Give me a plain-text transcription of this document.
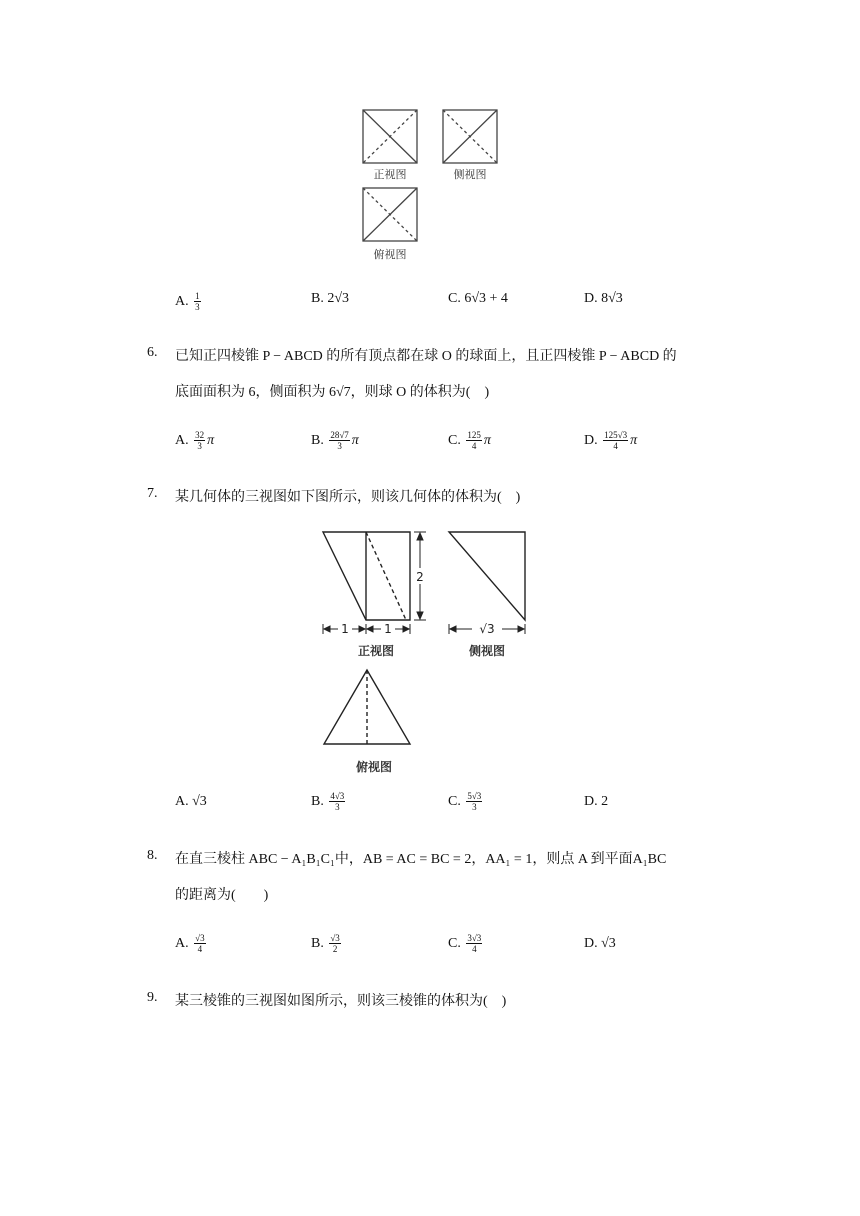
正视图	侧视图
俯视图
A.
$\frac{1}{3}$	B.
2√3	C.
6√3 + 4	D.
8√3
6. 已知正四棱锥 P − ABCD 的所有顶点都在球 O 的球面上，且正四棱锥 P − ABCD 的
底面面积为 6，侧面积为 6√7，则球 O 的体积为(　)
A.
$\frac{32}{3}$ π	B.
$\frac{28√7}{3}$ π	C.
$\frac{125}{4}$ π	D.
$\frac{125√3}{4}$ π
7. 某几何体的三视图如下图所示，则该几何体的体积为(　)
2
1	1
正视图
√3
侧视图
俯视图
A.
√3	B.
$\frac{4√3}{3}$	C.
$\frac{5√3}{3}$	D.
2
8. 在直三棱柱 ABC − A₁B₁C₁中，AB = AC = BC = 2，AA₁ = 1，则点 A 到平面A₁BC
的距离为(　　)
A.
$\frac{√3}{4}$	B.
$\frac{√3}{2}$	C.
$\frac{3√3}{4}$	D.
√3
9. 某三棱锥的三视图如图所示，则该三棱锥的体积为(　)
